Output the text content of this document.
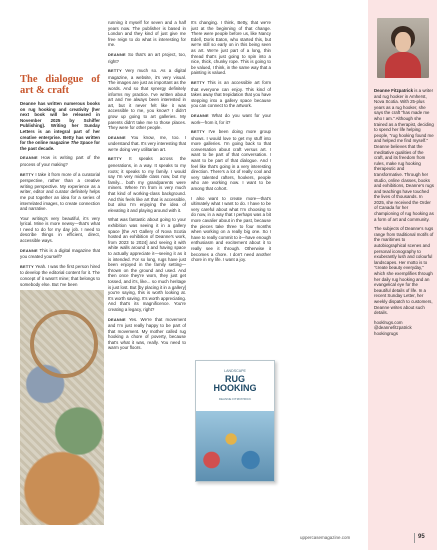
The dialogue of art & craft

Deanne has written numerous books on rug hooking and creativity (her next book will be released in November 2025 by Schiffer Publishing). Writing her Sunday Letters is an integral part of her creative enterprise. Betty has written for the online magazine The Space for the past decade.

DEANNE How is writing part of the process of your making?

BETTY I take it from more of a curatorial perspective, rather than a creative writing perspective. My experience as a writer, editor and curator definitely helps me put together an idea for a series of interrelated images, to create connection and narrative.

Your writing's very beautiful, it's very lyrical. Mine is more newsy—that's what I need to do for my day job. I need to describe things in efficient, direct, accessible ways.

DEANNE This is a digital magazine that you created yourself?

BETTY Yeah. I was the first person hired to develop the editorial content for it. The concept of it wasn't mine; that belongs to somebody else. But I've been

running it myself for seven and a half years now. The publisher is based in London and they kind of just give me free reign to do what is interesting for me.

DEANNE So that's an art project, too, right?

BETTY Very much so. As a digital magazine, a website, it's very visual. The images are just as important as the words. And so that synergy definitely informs my practice. I've written about art and I've always been interested in art, but it never felt like it was accessible to me, you know? I didn't grow up going to art galleries. My parents didn't take me to those places. They were for other people.

DEANNE You know, me, too. I understand that. It's very interesting that we're doing very utilitarian art.

BETTY It speaks across the generations, in a way. It speaks to my roots; it speaks to my family. I would say I'm very middle class now, but my family... both my grandparents were miners. Where I'm from is very much that kind of working-class background. And this feels like art that is accessible, but also I'm enjoying the idea of elevating it and playing around with it.

What was fantastic about going to your exhibition was seeing it in a gallery space [the Art Gallery of Nova Scotia hosted an exhibition of Deanne's work, from 2023 to 2024] and seeing it with white walls around it and having space to actually appreciate it—seeing it as it is intended. For so long, rugs have just been enjoyed in the family setting—thrown on the ground and used. And then once they're worn, they just get tossed, and it's, like... so much heritage is just lost. But [by placing it in a gallery] you're saying, this is worth looking at. It's worth saving. It's worth appreciating. And that's its magnificence. You're creating a legacy, right?

DEANNE Yes. We're that movement and I'm just really happy to be part of that movement. My mother called rug hooking a chore of poverty, because that's what it was, really. You need to warm your floors.

It's changing. I think, Betty, that we're just at the beginning of that change. There were people before us, like Nancy Edell, Doris Eaton, who started this, but we're still so early on in this being seen as art. We're just part of a long, thin thread that's just going to spin into a nice, thick, chunky rope. This is going to be valued, I think, in the same way that a painting is valued.

BETTY This is an accessible art form that everyone can enjoy. This kind of takes away that trepidation that you have stepping into a gallery space because you can connect to the artwork.

DEANNE What do you want for your work—from it, for it?

BETTY I've been doing more group shows. I would love to get my stuff into more galleries. I'm going back to that conversation about craft versus art. I want to be part of that conversation. I want to be part of that dialogue. And I feel like that's going in a very interesting direction. There's a lot of really cool and very talented rafters, hookers, people who are working now. I want to be among that cohort.

I also want to create more—that's ultimately what I want to do. I have to be very careful about what I'm choosing to do now, in a way that I perhaps was a bit more cavalier about in the past, because the pieces take three to four months when working on a really big one. So I have to really commit to it—have enough enthusiasm and excitement about it to really see it through. Otherwise it becomes a chore. I don't need another chore in my life. I want a joy.

LANDSCAPE
RUG
HOOKING
DEANNE FITZPATRICK

Deanne Fitzpatrick is a writer and rug hooker in Amherst, Nova Scotia. With 25-plus years as a rug hooker, she says the craft "has made me who I am." Although she trained as a therapist, deciding to spend her life helping people, "rug hooking found me and helped me find myself." Deanne believes that the meditative qualities of the craft, and its freedom from rules, make rug hooking therapeutic and transformative. Through her studio, online classes, books and exhibitions, Deanne's rugs and teachings have touched the lives of thousands. In 2025, she received the Order of Canada for her championing of rug hooking as a form of art and community.

The subjects of Deanne's rugs range from traditional motifs of the maritimes to autobiographical scenes and personal iconography to exuberantly lush and colourful landscapes. Her motto is to "create beauty everyday," which she exemplifies through her daily rug hooking and an evangelical eye for the beautiful details of life. In a recent Sunday Letter, her weekly dispatch to customers, Deanne writes about such details.

hooklrugs.com
@deannefitzpatrick
hookingrugs

uppercasemagazine.com	95
